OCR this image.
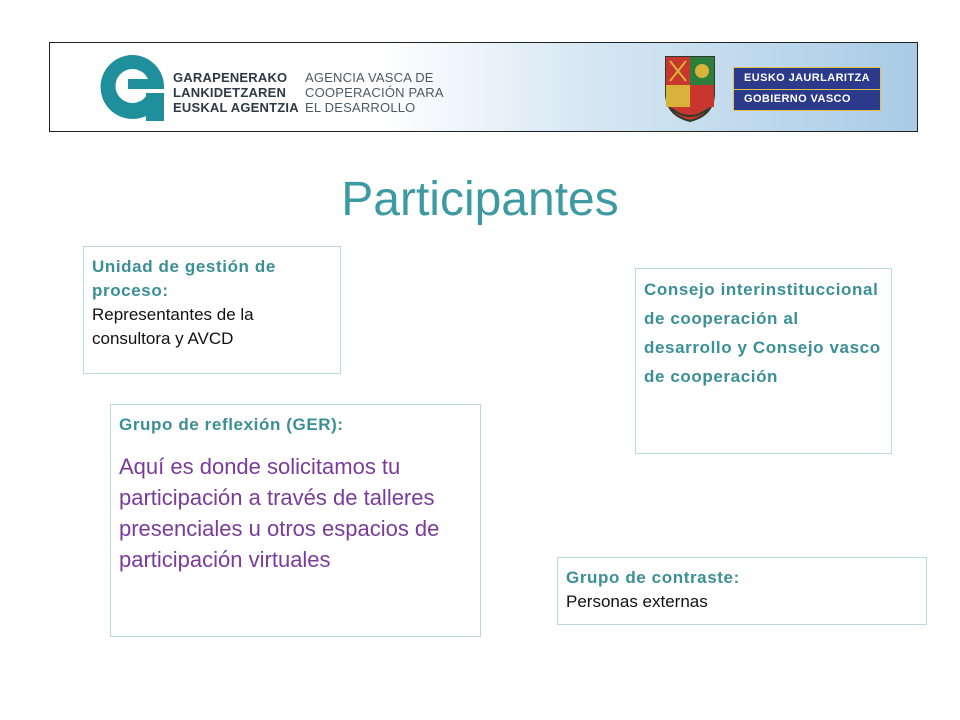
GARAPENERAKO
LANKIDETZAREN
EUSKAL AGENTZIA
AGENCIA VASCA DE
COOPERACIÓN PARA
EL DESARROLLO
EUSKO JAURLARITZA
GOBIERNO VASCO
Participantes
Unidad de gestión de proceso:
Representantes de la consultora y AVCD
Consejo interinstituccional de cooperación al desarrollo y Consejo vasco de cooperación
Grupo de reflexión (GER):
Aquí es donde solicitamos tu participación a través de talleres presenciales u otros espacios de participación virtuales
Grupo de contraste:
Personas externas
